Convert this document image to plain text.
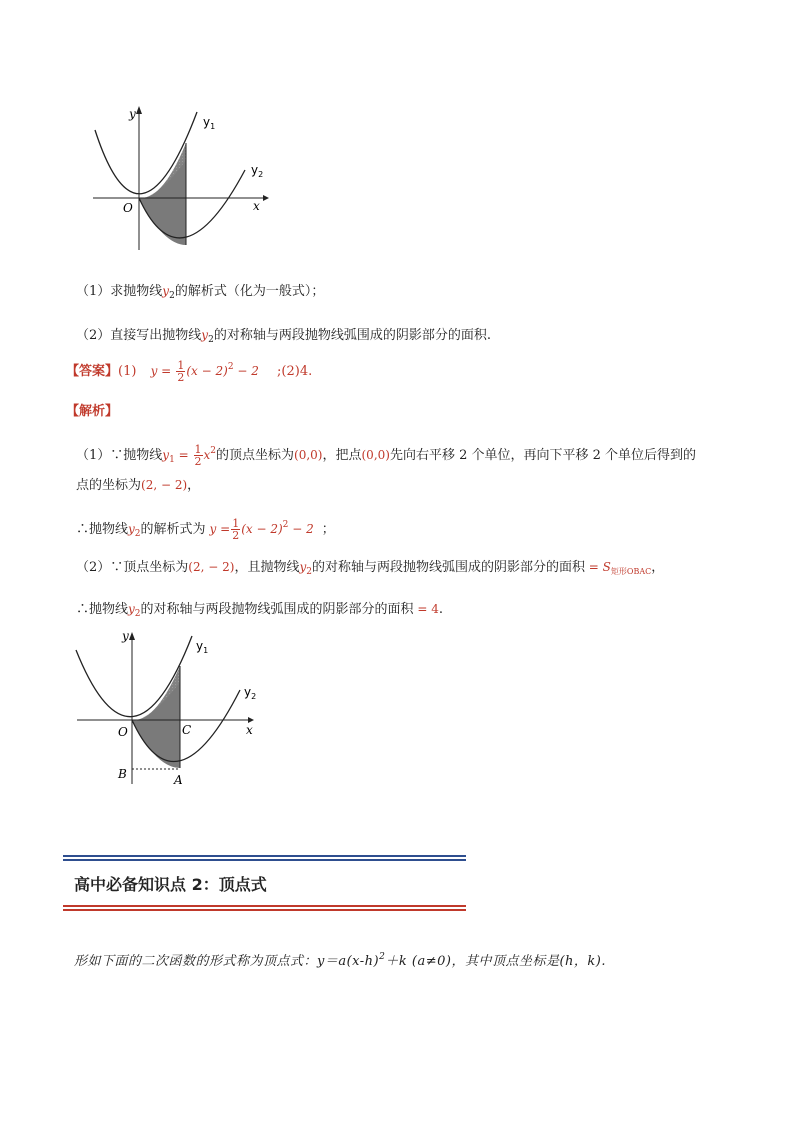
y
x
O
$y_1$
$y_2$
（1）求抛物线$y_2$的解析式（化为一般式）；
（2）直接写出抛物线$y_2$的对称轴与两段抛物线弧围成的阴影部分的面积.
【答案】(1) $y = \frac{1}{2} (x - 2)^2 - 2$ ;(2)4.
【解析】
（1）∵抛物线$y_1 = \frac{1}{2} x^2$的顶点坐标为(0,0)，把点(0,0)先向右平移 2 个单位，再向下平移 2 个单位后得到的
点的坐标为(2, − 2)，
∴抛物线$y_2$的解析式为 $y = \frac{1}{2} (x - 2)^2 - 2$ ；
（2）∵顶点坐标为(2, − 2)，且抛物线$y_2$的对称轴与两段抛物线弧围成的阴影部分的面积 = $S_{矩形OBAC}$，
∴抛物线$y_2$的对称轴与两段抛物线弧围成的阴影部分的面积 = 4.
y
x
O	C
B	A
$y_1$
$y_2$
高中必备知识点 2：顶点式
形如下面的二次函数的形式称为顶点式：$y=a(x-h)^2+k$ (a≠0)，其中顶点坐标是(h，k).
